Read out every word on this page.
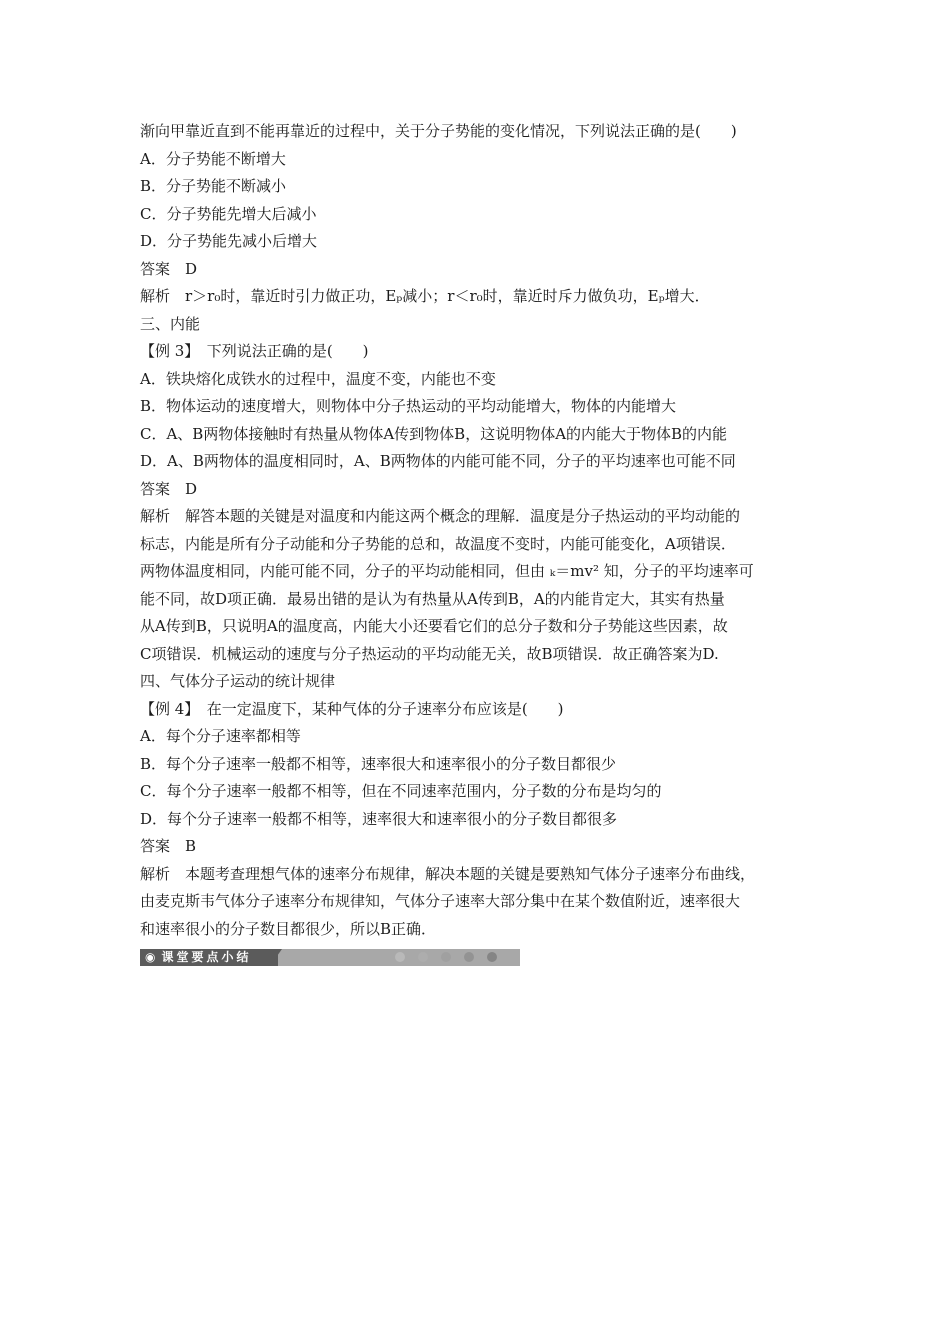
渐向甲靠近直到不能再靠近的过程中，关于分子势能的变化情况，下列说法正确的是(　　)
A．分子势能不断增大
B．分子势能不断减小
C．分子势能先增大后减小
D．分子势能先减小后增大
答案　D
解析　r＞r₀时，靠近时引力做正功，Eₚ减小；r＜r₀时，靠近时斥力做负功，Eₚ增大．
三、内能
【例 3】　下列说法正确的是(　　)
A．铁块熔化成铁水的过程中，温度不变，内能也不变
B．物体运动的速度增大，则物体中分子热运动的平均动能增大，物体的内能增大
C．A、B两物体接触时有热量从物体A传到物体B，这说明物体A的内能大于物体B的内能
D．A、B两物体的温度相同时，A、B两物体的内能可能不同，分子的平均速率也可能不同
答案　D
解析　解答本题的关键是对温度和内能这两个概念的理解．温度是分子热运动的平均动能的
标志，内能是所有分子动能和分子势能的总和，故温度不变时，内能可能变化，A项错误．
两物体温度相同，内能可能不同，分子的平均动能相同，但由 ₖ＝mv² 知，分子的平均速率可
能不同，故D项正确．最易出错的是认为有热量从A传到B，A的内能肯定大，其实有热量
从A传到B，只说明A的温度高，内能大小还要看它们的总分子数和分子势能这些因素，故
C项错误．机械运动的速度与分子热运动的平均动能无关，故B项错误．故正确答案为D.
四、气体分子运动的统计规律
【例 4】　在一定温度下，某种气体的分子速率分布应该是(　　)
A．每个分子速率都相等
B．每个分子速率一般都不相等，速率很大和速率很小的分子数目都很少
C．每个分子速率一般都不相等，但在不同速率范围内，分子数的分布是均匀的
D．每个分子速率一般都不相等，速率很大和速率很小的分子数目都很多
答案　B
解析　本题考查理想气体的速率分布规律，解决本题的关键是要熟知气体分子速率分布曲线，
由麦克斯韦气体分子速率分布规律知，气体分子速率大部分集中在某个数值附近，速率很大
和速率很小的分子数目都很少，所以B正确．
◉ 课堂要点小结
